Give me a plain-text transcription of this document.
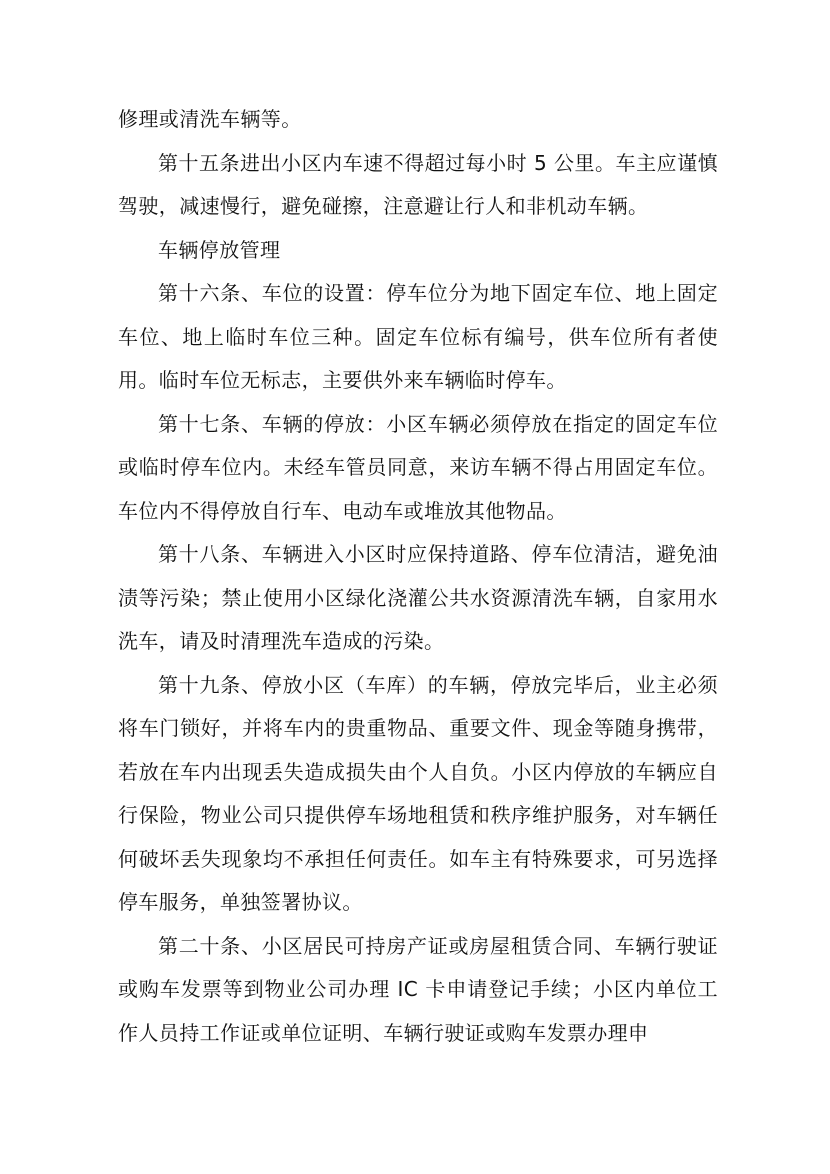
修理或清洗车辆等。

第十五条进出小区内车速不得超过每小时 5 公里。车主应谨慎驾驶，减速慢行，避免碰擦，注意避让行人和非机动车辆。

车辆停放管理

第十六条、车位的设置：停车位分为地下固定车位、地上固定车位、地上临时车位三种。固定车位标有编号，供车位所有者使用。临时车位无标志，主要供外来车辆临时停车。

第十七条、车辆的停放：小区车辆必须停放在指定的固定车位或临时停车位内。未经车管员同意，来访车辆不得占用固定车位。车位内不得停放自行车、电动车或堆放其他物品。

第十八条、车辆进入小区时应保持道路、停车位清洁，避免油渍等污染；禁止使用小区绿化浇灌公共水资源清洗车辆，自家用水洗车，请及时清理洗车造成的污染。

第十九条、停放小区（车库）的车辆，停放完毕后，业主必须将车门锁好，并将车内的贵重物品、重要文件、现金等随身携带，若放在车内出现丢失造成损失由个人自负。小区内停放的车辆应自行保险，物业公司只提供停车场地租赁和秩序维护服务，对车辆任何破坏丢失现象均不承担任何责任。如车主有特殊要求，可另选择停车服务，单独签署协议。

第二十条、小区居民可持房产证或房屋租赁合同、车辆行驶证或购车发票等到物业公司办理 IC 卡申请登记手续；小区内单位工作人员持工作证或单位证明、车辆行驶证或购车发票办理申
